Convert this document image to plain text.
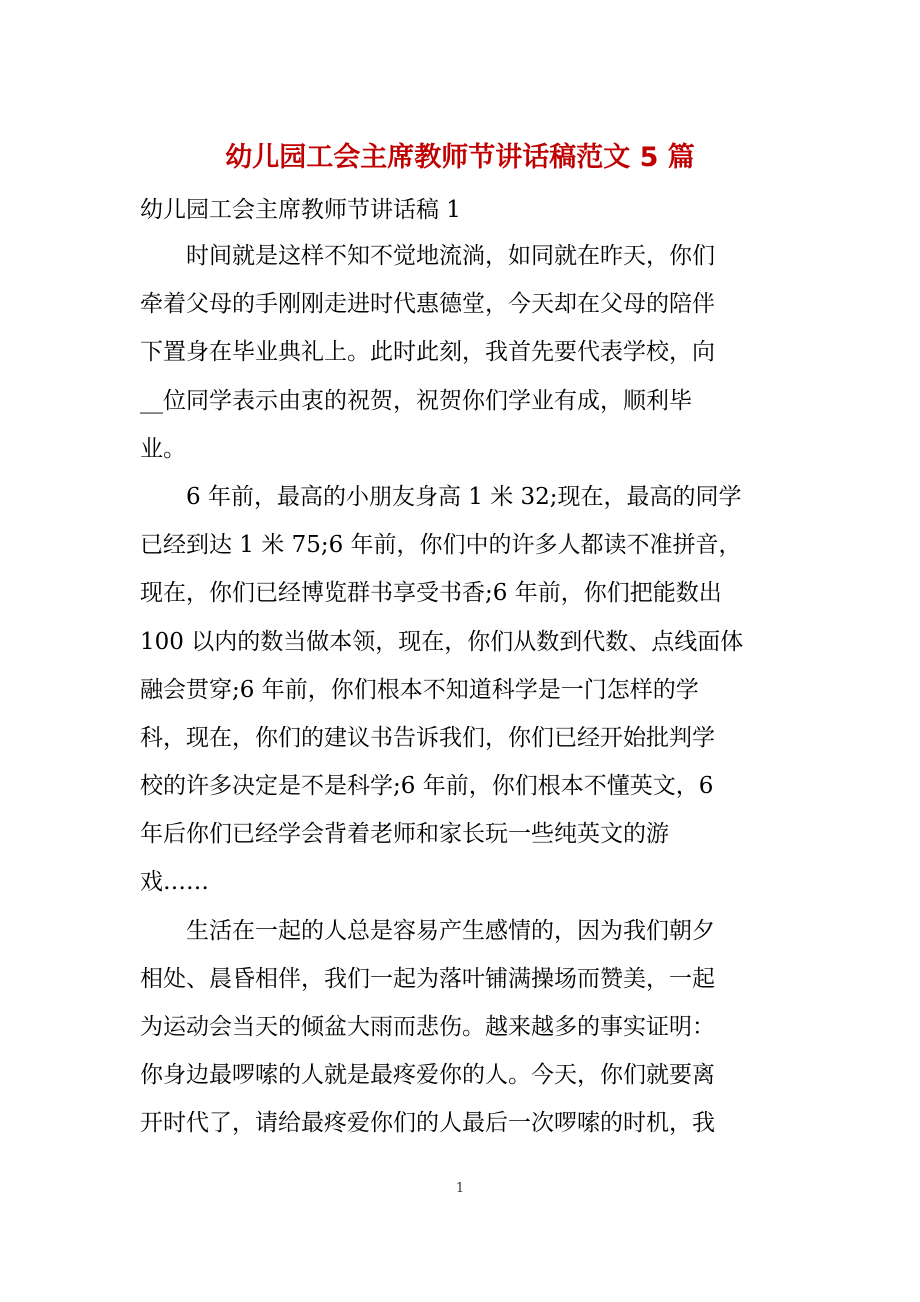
幼儿园工会主席教师节讲话稿范文 5 篇

幼儿园工会主席教师节讲话稿 1

时间就是这样不知不觉地流淌，如同就在昨天，你们
牵着父母的手刚刚走进时代惠德堂，今天却在父母的陪伴
下置身在毕业典礼上。此时此刻，我首先要代表学校，向
__位同学表示由衷的祝贺，祝贺你们学业有成，顺利毕
业。

6 年前，最高的小朋友身高 1 米 32;现在，最高的同学
已经到达 1 米 75;6 年前，你们中的许多人都读不准拼音，
现在，你们已经博览群书享受书香;6 年前，你们把能数出
100 以内的数当做本领，现在，你们从数到代数、点线面体
融会贯穿;6 年前，你们根本不知道科学是一门怎样的学
科，现在，你们的建议书告诉我们，你们已经开始批判学
校的许多决定是不是科学;6 年前，你们根本不懂英文，6
年后你们已经学会背着老师和家长玩一些纯英文的游
戏……

生活在一起的人总是容易产生感情的，因为我们朝夕
相处、晨昏相伴，我们一起为落叶铺满操场而赞美，一起
为运动会当天的倾盆大雨而悲伤。越来越多的事实证明：
你身边最啰嗦的人就是最疼爱你的人。今天，你们就要离
开时代了，请给最疼爱你们的人最后一次啰嗦的时机，我

1
